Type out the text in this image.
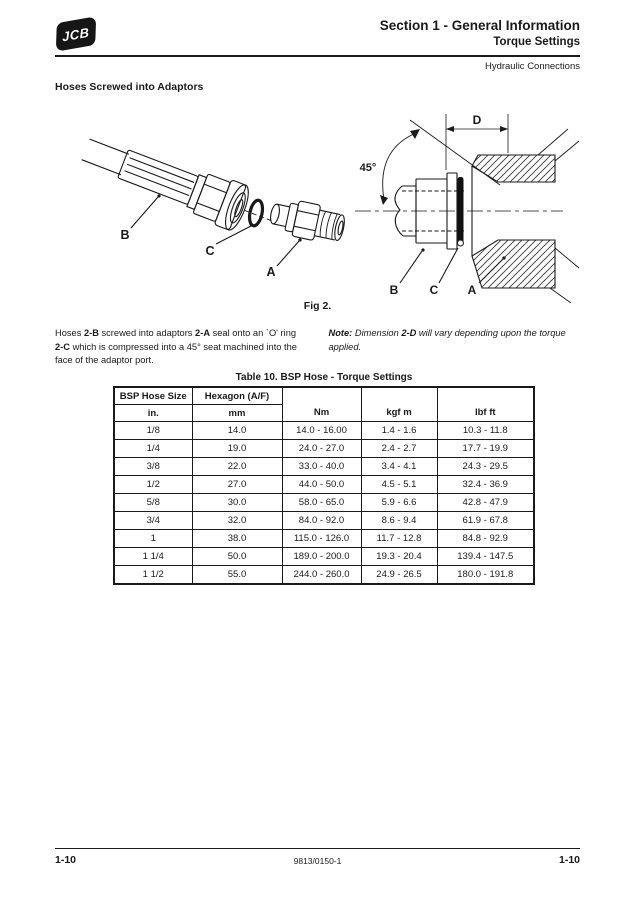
JCB	Section 1 - General Information
Torque Settings
Hydraulic Connections
Hoses Screwed into Adaptors
B
C
A
D
45°
B	C A
Fig 2.

Hoses 2-B screwed into adaptors 2-A seal onto an `O' ring 2-C which is compressed into a 45° seat machined into the face of the adaptor port.

Note: Dimension 2-D will vary depending upon the torque applied.

Table 10. BSP Hose - Torque Settings
BSP Hose Size	Hexagon (A/F)	Nm	kgf m	lbf ft
in.	mm			
1/8	14.0	14.0 - 16.00	1.4 - 1.6	10.3 - 11.8
1/4	19.0	24.0 - 27.0	2.4 - 2.7	17.7 - 19.9
3/8	22.0	33.0 - 40.0	3.4 - 4.1	24.3 - 29.5
1/2	27.0	44.0 - 50.0	4.5 - 5.1	32.4 - 36.9
5/8	30.0	58.0 - 65.0	5.9 - 6.6	42.8 - 47.9
3/4	32.0	84.0 - 92.0	8.6 - 9.4	61.9 - 67.8
1	38.0	115.0 - 126.0	11.7 - 12.8	84.8 - 92.9
1 1/4	50.0	189.0 - 200.0	19.3 - 20.4	139.4 - 147.5
1 1/2	55.0	244.0 - 260.0	24.9 - 26.5	180.0 - 191.8
1-10	9813/0150-1	1-10
